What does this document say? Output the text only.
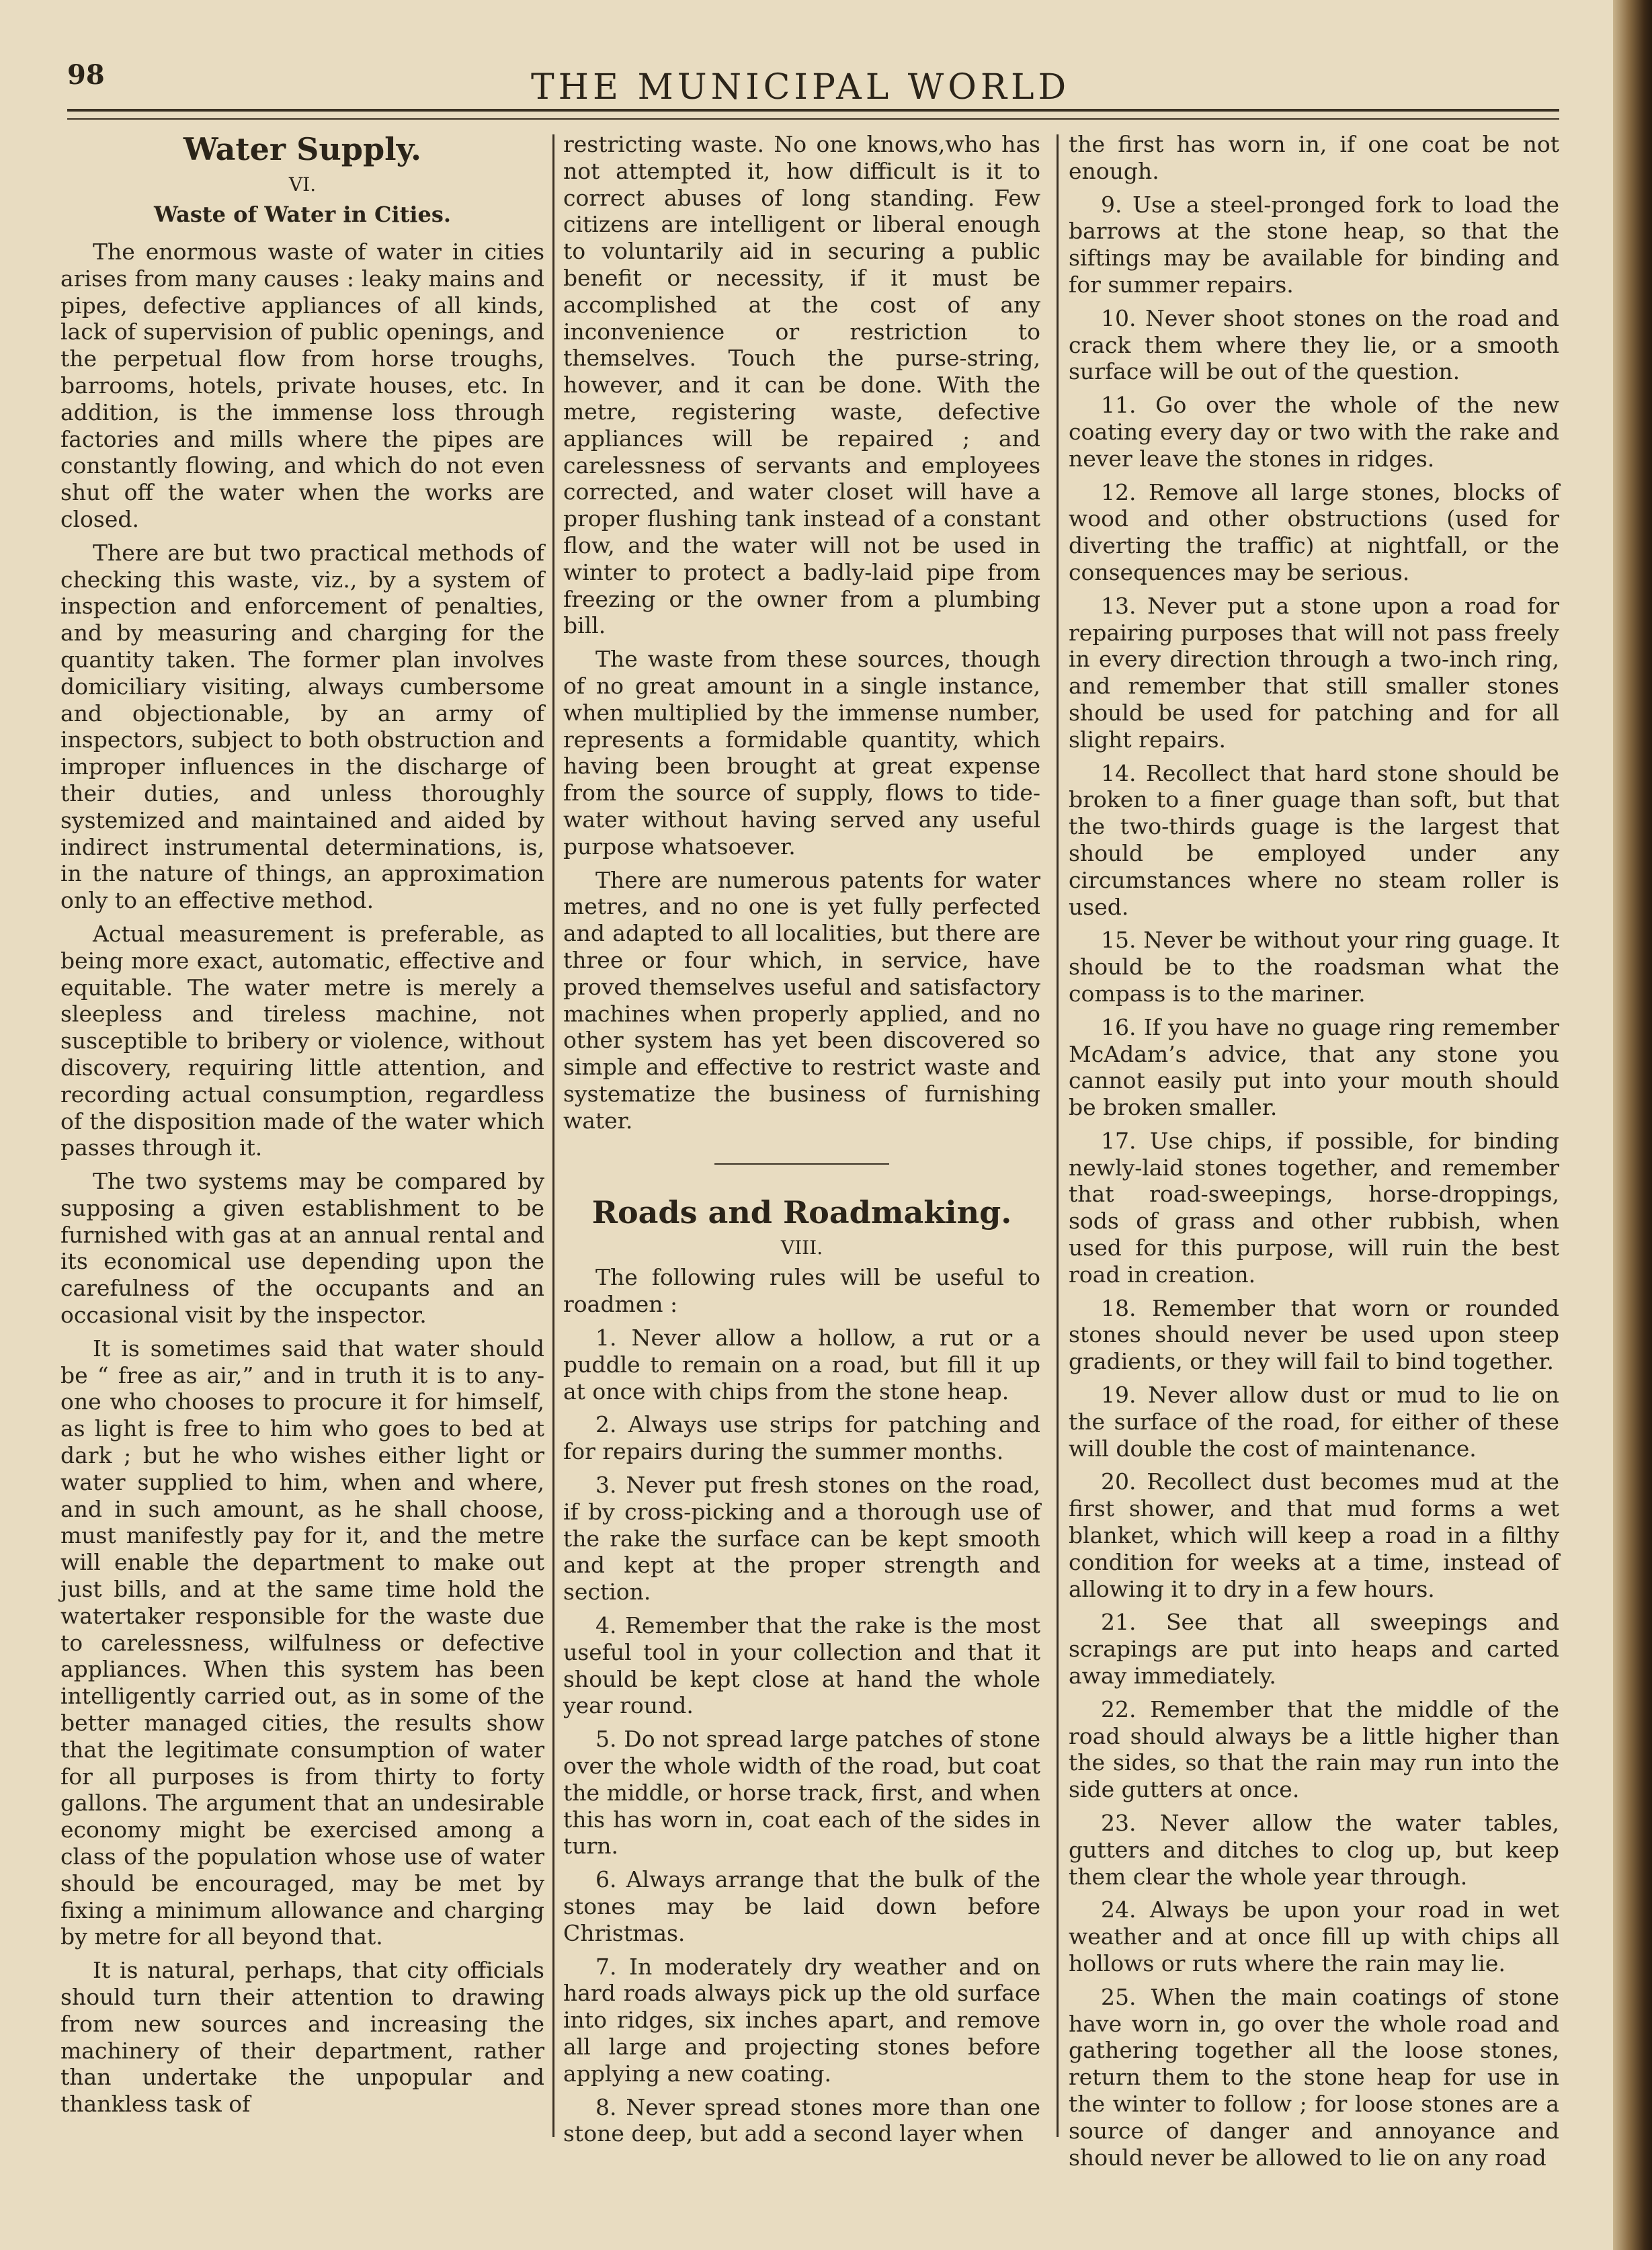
98	THE MUNICIPAL WORLD
Water Supply.
VI.
Waste of Water in Cities.

The enormous waste of water in cities arises from many causes : leaky mains and pipes, defective appliances of all kinds, lack of supervision of public openings, and the perpetual flow from horse troughs, barrooms, hotels, private houses, etc. In addition, is the immense loss through factories and mills where the pipes are constantly flowing, and which do not even shut off the water when the works are closed.

There are but two practical methods of checking this waste, viz., by a system of inspection and enforcement of penalties, and by measuring and charging for the quantity taken. The former plan involves domiciliary visiting, always cumbersome and objectionable, by an army of inspectors, subject to both obstruction and improper influences in the discharge of their duties, and unless thoroughly systemized and maintained and aided by indirect instrumental determinations, is, in the nature of things, an approximation only to an effective method.

Actual measurement is preferable, as being more exact, automatic, effective and equitable. The water metre is merely a sleepless and tireless machine, not susceptible to bribery or violence, without discovery, requiring little attention, and recording actual consumption, regardless of the disposition made of the water which passes through it.

The two systems may be compared by supposing a given establishment to be furnished with gas at an annual rental and its economical use depending upon the carefulness of the occupants and an occasional visit by the inspector.

It is sometimes said that water should be “ free as air,” and in truth it is to any-one who chooses to procure it for himself, as light is free to him who goes to bed at dark ; but he who wishes either light or water supplied to him, when and where, and in such amount, as he shall choose, must manifestly pay for it, and the metre will enable the department to make out just bills, and at the same time hold the watertaker responsible for the waste due to carelessness, wilfulness or defective appliances. When this system has been intelligently carried out, as in some of the better managed cities, the results show that the legitimate consumption of water for all purposes is from thirty to forty gallons. The argument that an undesirable economy might be exercised among a class of the population whose use of water should be encouraged, may be met by fixing a minimum allowance and charging by metre for all beyond that.

It is natural, perhaps, that city officials should turn their attention to drawing from new sources and increasing the machinery of their department, rather than undertake the unpopular and thankless task of

restricting waste. No one knows,who has not attempted it, how difficult is it to correct abuses of long standing. Few citizens are intelligent or liberal enough to voluntarily aid in securing a public benefit or necessity, if it must be accomplished at the cost of any inconvenience or restriction to themselves. Touch the purse-string, however, and it can be done. With the metre, registering waste, defective appliances will be repaired ; and carelessness of servants and employees corrected, and water closet will have a proper flushing tank instead of a constant flow, and the water will not be used in winter to protect a badly-laid pipe from freezing or the owner from a plumbing bill.

The waste from these sources, though of no great amount in a single instance, when multiplied by the immense number, represents a formidable quantity, which having been brought at great expense from the source of supply, flows to tide-water without having served any useful purpose whatsoever.

There are numerous patents for water metres, and no one is yet fully perfected and adapted to all localities, but there are three or four which, in service, have proved themselves useful and satisfactory machines when properly applied, and no other system has yet been discovered so simple and effective to restrict waste and systematize the business of furnishing water.

Roads and Roadmaking.
VIII.

The following rules will be useful to roadmen :

1. Never allow a hollow, a rut or a puddle to remain on a road, but fill it up at once with chips from the stone heap.

2. Always use strips for patching and for repairs during the summer months.

3. Never put fresh stones on the road, if by cross-picking and a thorough use of the rake the surface can be kept smooth and kept at the proper strength and section.

4. Remember that the rake is the most useful tool in your collection and that it should be kept close at hand the whole year round.

5. Do not spread large patches of stone over the whole width of the road, but coat the middle, or horse track, first, and when this has worn in, coat each of the sides in turn.

6. Always arrange that the bulk of the stones may be laid down before Christmas.

7. In moderately dry weather and on hard roads always pick up the old surface into ridges, six inches apart, and remove all large and projecting stones before applying a new coating.

8. Never spread stones more than one stone deep, but add a second layer when

the first has worn in, if one coat be not enough.

9. Use a steel-pronged fork to load the barrows at the stone heap, so that the siftings may be available for binding and for summer repairs.

10. Never shoot stones on the road and crack them where they lie, or a smooth surface will be out of the question.

11. Go over the whole of the new coating every day or two with the rake and never leave the stones in ridges.

12. Remove all large stones, blocks of wood and other obstructions (used for diverting the traffic) at nightfall, or the consequences may be serious.

13. Never put a stone upon a road for repairing purposes that will not pass freely in every direction through a two-inch ring, and remember that still smaller stones should be used for patching and for all slight repairs.

14. Recollect that hard stone should be broken to a finer guage than soft, but that the two-thirds guage is the largest that should be employed under any circumstances where no steam roller is used.

15. Never be without your ring guage. It should be to the roadsman what the compass is to the mariner.

16. If you have no guage ring remember McAdam’s advice, that any stone you cannot easily put into your mouth should be broken smaller.

17. Use chips, if possible, for binding newly-laid stones together, and remember that road-sweepings, horse-droppings, sods of grass and other rubbish, when used for this purpose, will ruin the best road in creation.

18. Remember that worn or rounded stones should never be used upon steep gradients, or they will fail to bind together.

19. Never allow dust or mud to lie on the surface of the road, for either of these will double the cost of maintenance.

20. Recollect dust becomes mud at the first shower, and that mud forms a wet blanket, which will keep a road in a filthy condition for weeks at a time, instead of allowing it to dry in a few hours.

21. See that all sweepings and scrapings are put into heaps and carted away immediately.

22. Remember that the middle of the road should always be a little higher than the sides, so that the rain may run into the side gutters at once.

23. Never allow the water tables, gutters and ditches to clog up, but keep them clear the whole year through.

24. Always be upon your road in wet weather and at once fill up with chips all hollows or ruts where the rain may lie.

25. When the main coatings of stone have worn in, go over the whole road and gathering together all the loose stones, return them to the stone heap for use in the winter to follow ; for loose stones are a source of danger and annoyance and should never be allowed to lie on any road
